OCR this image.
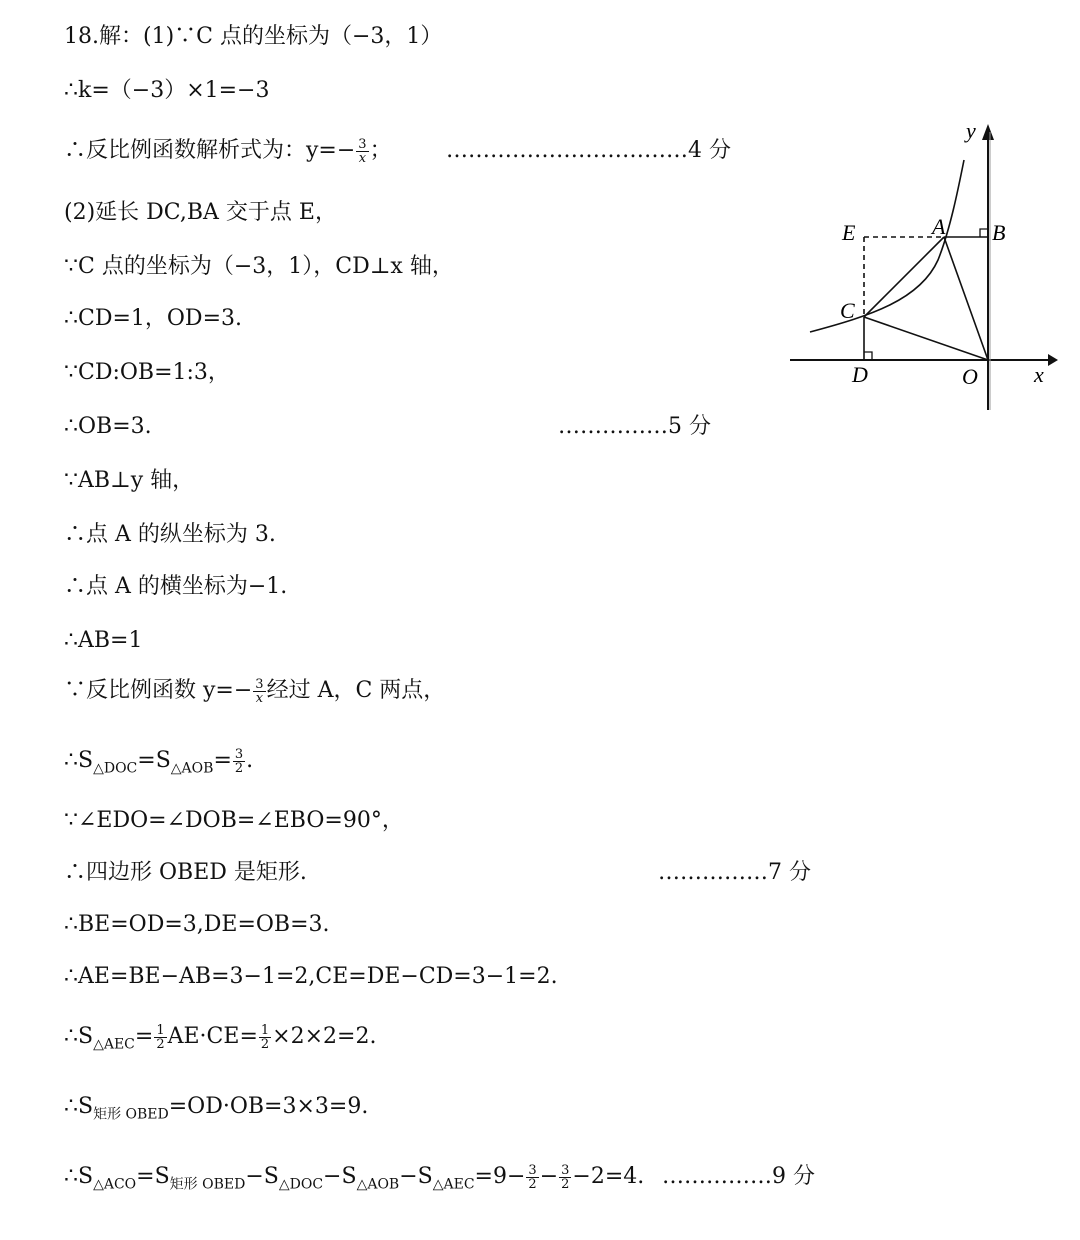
18.解：(1)∵C 点的坐标为（−3，1）
∴k=（−3）×1=−3
∴反比例函数解析式为：$y=- \frac{3}{x}$ ； ……………………………4 分
(2)延长 DC,BA 交于点 E，
∵C 点的坐标为（−3，1），CD⊥x 轴，
∴CD=1，OD=3.
∵CD:OB=1:3，
∴OB=3.	……………5 分
∵AB⊥y 轴，
∴点 A 的纵坐标为 3.
∴点 A 的横坐标为−1.
∴AB=1
∵反比例函数 $y=- \frac{3}{x}$ 经过 A，C 两点，
$\therefore S_{\triangle DOC}=S_{\triangle AOB}= \frac{3}{2}$ .
∵∠EDO=∠DOB=∠EBO=90°，
∴四边形 OBED 是矩形.	……………7 分
∴BE=OD=3,DE=OB=3.
∴AE=BE−AB=3−1=2,CE=DE−CD=3−1=2.
$\therefore S_{\triangle AEC}= \frac{1}{2} AE\cdot CE= \frac{1}{2} \times 2\times 2=2$.
$\therefore S_{矩形 OBED}=OD\cdot OB=3\times 3=9$.
$\therefore S_{\triangle ACO}=S_{矩形 OBED}-S_{\triangle DOC}-S_{\triangle AOB}-S_{\triangle AEC}=9- \frac{3}{2} - \frac{3}{2} -2=4$. ……………9 分
y
x
E	A B
C
D	O
